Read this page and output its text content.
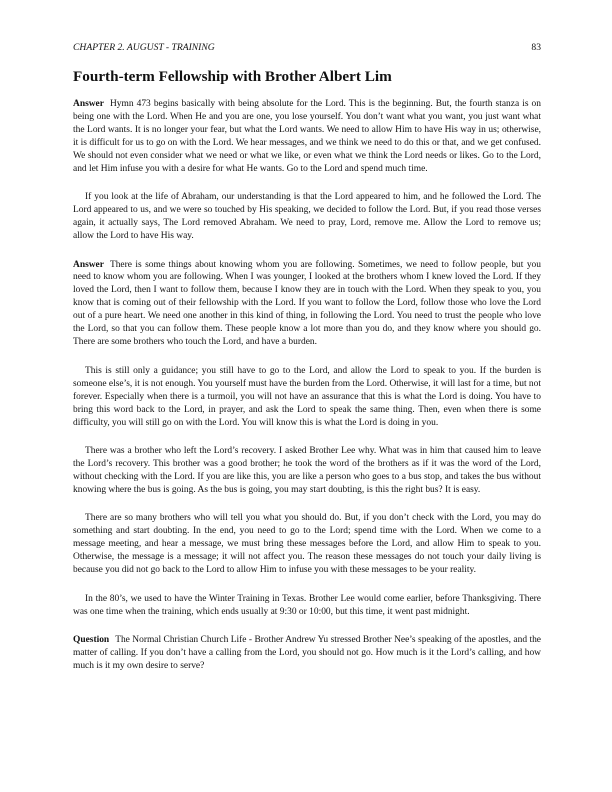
CHAPTER 2. AUGUST - TRAINING	83
Fourth-term Fellowship with Brother Albert Lim

Answer Hymn 473 begins basically with being absolute for the Lord. This is the beginning. But, the fourth stanza is on being one with the Lord. When He and you are one, you lose yourself. You don’t want what you want, you just want what the Lord wants. It is no longer your fear, but what the Lord wants. We need to allow Him to have His way in us; otherwise, it is difficult for us to go on with the Lord. We hear messages, and we think we need to do this or that, and we get confused. We should not even consider what we need or what we like, or even what we think the Lord needs or likes. Go to the Lord, and let Him infuse you with a desire for what He wants. Go to the Lord and spend much time.

If you look at the life of Abraham, our understanding is that the Lord appeared to him, and he followed the Lord. The Lord appeared to us, and we were so touched by His speaking, we decided to follow the Lord. But, if you read those verses again, it actually says, The Lord removed Abraham. We need to pray, Lord, remove me. Allow the Lord to remove us; allow the Lord to have His way.

Answer There is some things about knowing whom you are following. Sometimes, we need to follow people, but you need to know whom you are following. When I was younger, I looked at the brothers whom I knew loved the Lord. If they loved the Lord, then I want to follow them, because I know they are in touch with the Lord. When they speak to you, you know that is coming out of their fellowship with the Lord. If you want to follow the Lord, follow those who love the Lord out of a pure heart. We need one another in this kind of thing, in following the Lord. You need to trust the people who love the Lord, so that you can follow them. These people know a lot more than you do, and they know where you should go. There are some brothers who touch the Lord, and have a burden.

This is still only a guidance; you still have to go to the Lord, and allow the Lord to speak to you. If the burden is someone else’s, it is not enough. You yourself must have the burden from the Lord. Otherwise, it will last for a time, but not forever. Especially when there is a turmoil, you will not have an assurance that this is what the Lord is doing. You have to bring this word back to the Lord, in prayer, and ask the Lord to speak the same thing. Then, even when there is some difficulty, you will still go on with the Lord. You will know this is what the Lord is doing in you.

There was a brother who left the Lord’s recovery. I asked Brother Lee why. What was in him that caused him to leave the Lord’s recovery. This brother was a good brother; he took the word of the brothers as if it was the word of the Lord, without checking with the Lord. If you are like this, you are like a person who goes to a bus stop, and takes the bus without knowing where the bus is going. As the bus is going, you may start doubting, is this the right bus? It is easy.

There are so many brothers who will tell you what you should do. But, if you don’t check with the Lord, you may do something and start doubting. In the end, you need to go to the Lord; spend time with the Lord. When we come to a message meeting, and hear a message, we must bring these messages before the Lord, and allow Him to speak to you. Otherwise, the message is a message; it will not affect you. The reason these messages do not touch your daily living is because you did not go back to the Lord to allow Him to infuse you with these messages to be your reality.

In the 80’s, we used to have the Winter Training in Texas. Brother Lee would come earlier, before Thanksgiving. There was one time when the training, which ends usually at 9:30 or 10:00, but this time, it went past midnight.

Question The Normal Christian Church Life - Brother Andrew Yu stressed Brother Nee’s speaking of the apostles, and the matter of calling. If you don’t have a calling from the Lord, you should not go. How much is it the Lord’s calling, and how much is it my own desire to serve?
